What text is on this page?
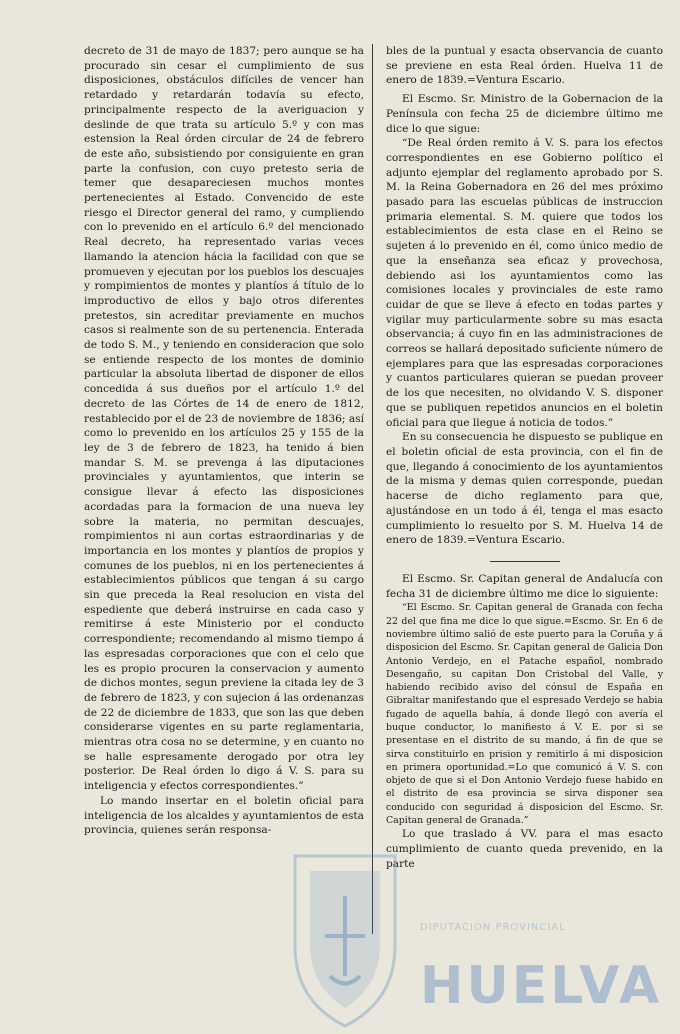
decreto de 31 de mayo de 1837; pero aunque se ha procurado sin cesar el cumplimiento de sus disposiciones, obstáculos difíciles de vencer han retardado y retardarán todavía su efecto, principalmente respecto de la averiguacion y deslinde de que trata su artículo 5.º y con mas estension la Real órden circular de 24 de febrero de este año, subsistiendo por consiguiente en gran parte la confusion, con cuyo pretesto seria de temer que desapareciesen muchos montes pertenecientes al Estado. Convencido de este riesgo el Director general del ramo, y cumpliendo con lo prevenido en el artículo 6.º del mencionado Real decreto, ha representado varias veces llamando la atencion hácia la facilidad con que se promueven y ejecutan por los pueblos los descuajes y rompimientos de montes y plantíos á título de lo improductivo de ellos y bajo otros diferentes pretestos, sin acreditar previamente en muchos casos si realmente son de su pertenencia. Enterada de todo S. M., y teniendo en consideracion que solo se entiende respecto de los montes de dominio particular la absoluta libertad de disponer de ellos concedida á sus dueños por el artículo 1.º del decreto de las Córtes de 14 de enero de 1812, restablecido por el de 23 de noviembre de 1836; así como lo prevenido en los artículos 25 y 155 de la ley de 3 de febrero de 1823, ha tenido á bien mandar S. M. se prevenga á las diputaciones provinciales y ayuntamientos, que interin se consigue llevar á efecto las disposiciones acordadas para la formacion de una nueva ley sobre la materia, no permitan descuajes, rompimientos ni aun cortas estraordinarias y de importancia en los montes y plantíos de propios y comunes de los pueblos, ni en los pertenecientes á establecimientos públicos que tengan á su cargo sin que preceda la Real resolucion en vista del espediente que deberá instruirse en cada caso y remitirse á este Ministerio por el conducto correspondiente; recomendando al mismo tiempo á las espresadas corporaciones que con el celo que les es propio procuren la conservacion y aumento de dichos montes, segun previene la citada ley de 3 de febrero de 1823, y con sujecion á las ordenanzas de 22 de diciembre de 1833, que son las que deben considerarse vigentes en su parte reglamentaria, mientras otra cosa no se determine, y en cuanto no se halle espresamente derogado por otra ley posterior. De Real órden lo digo á V. S. para su inteligencia y efectos correspondientes.”

Lo mando insertar en el boletin oficial para inteligencia de los alcaldes y ayuntamientos de esta provincia, quienes serán responsa-

bles de la puntual y esacta observancia de cuanto se previene en esta Real órden. Huelva 11 de enero de 1839.=Ventura Escario.

El Escmo. Sr. Ministro de la Gobernacion de la Península con fecha 25 de diciembre último me dice lo que sigue:

“De Real órden remito á V. S. para los efectos correspondientes en ese Gobierno político el adjunto ejemplar del reglamento aprobado por S. M. la Reina Gobernadora en 26 del mes próximo pasado para las escuelas públicas de instruccion primaria elemental. S. M. quiere que todos los establecimientos de esta clase en el Reino se sujeten á lo prevenido en él, como único medio de que la enseñanza sea eficaz y provechosa, debiendo asi los ayuntamientos como las comisiones locales y provinciales de este ramo cuidar de que se lleve á efecto en todas partes y vigilar muy particularmente sobre su mas esacta observancia; á cuyo fin en las administraciones de correos se hallará depositado suficiente número de ejemplares para que las espresadas corporaciones y cuantos particulares quieran se puedan proveer de los que necesiten, no olvidando V. S. disponer que se publiquen repetidos anuncios en el boletin oficial para que llegue á noticia de todos.”

En su consecuencia he dispuesto se publique en el boletin oficial de esta provincia, con el fin de que, llegando á conocimiento de los ayuntamientos de la misma y demas quien corresponde, puedan hacerse de dicho reglamento para que, ajustándose en un todo á él, tenga el mas esacto cumplimiento lo resuelto por S. M. Huelva 14 de enero de 1839.=Ventura Escario.

El Escmo. Sr. Capitan general de Andalucía con fecha 31 de diciembre último me dice lo siguiente:

“El Escmo. Sr. Capitan general de Granada con fecha 22 del que fina me dice lo que sigue.=Escmo. Sr. En 6 de noviembre último salió de este puerto para la Coruña y á disposicion del Escmo. Sr. Capitan general de Galicia Don Antonio Verdejo, en el Patache español, nombrado Desengaño, su capitan Don Cristobal del Valle, y habiendo recibido aviso del cónsul de España en Gibraltar manifestando que el espresado Verdejo se habia fugado de aquella bahía, á donde llegó con avería el buque conductor, lo manifiesto á V. E. por si se presentase en el distrito de su mando, á fin de que se sirva constituirlo en prision y remitirlo á mi disposicion en primera oportunidad.=Lo que comunicó á V. S. con objeto de que si el Don Antonio Verdejo fuese habido en el distrito de esa provincia se sirva disponer sea conducido con seguridad á disposicion del Escmo. Sr. Capitan general de Granada.”

Lo que traslado á VV. para el mas esacto cumplimiento de cuanto queda prevenido, en la parte

DIPUTACIÓN PROVINCIAL
HUELVA
